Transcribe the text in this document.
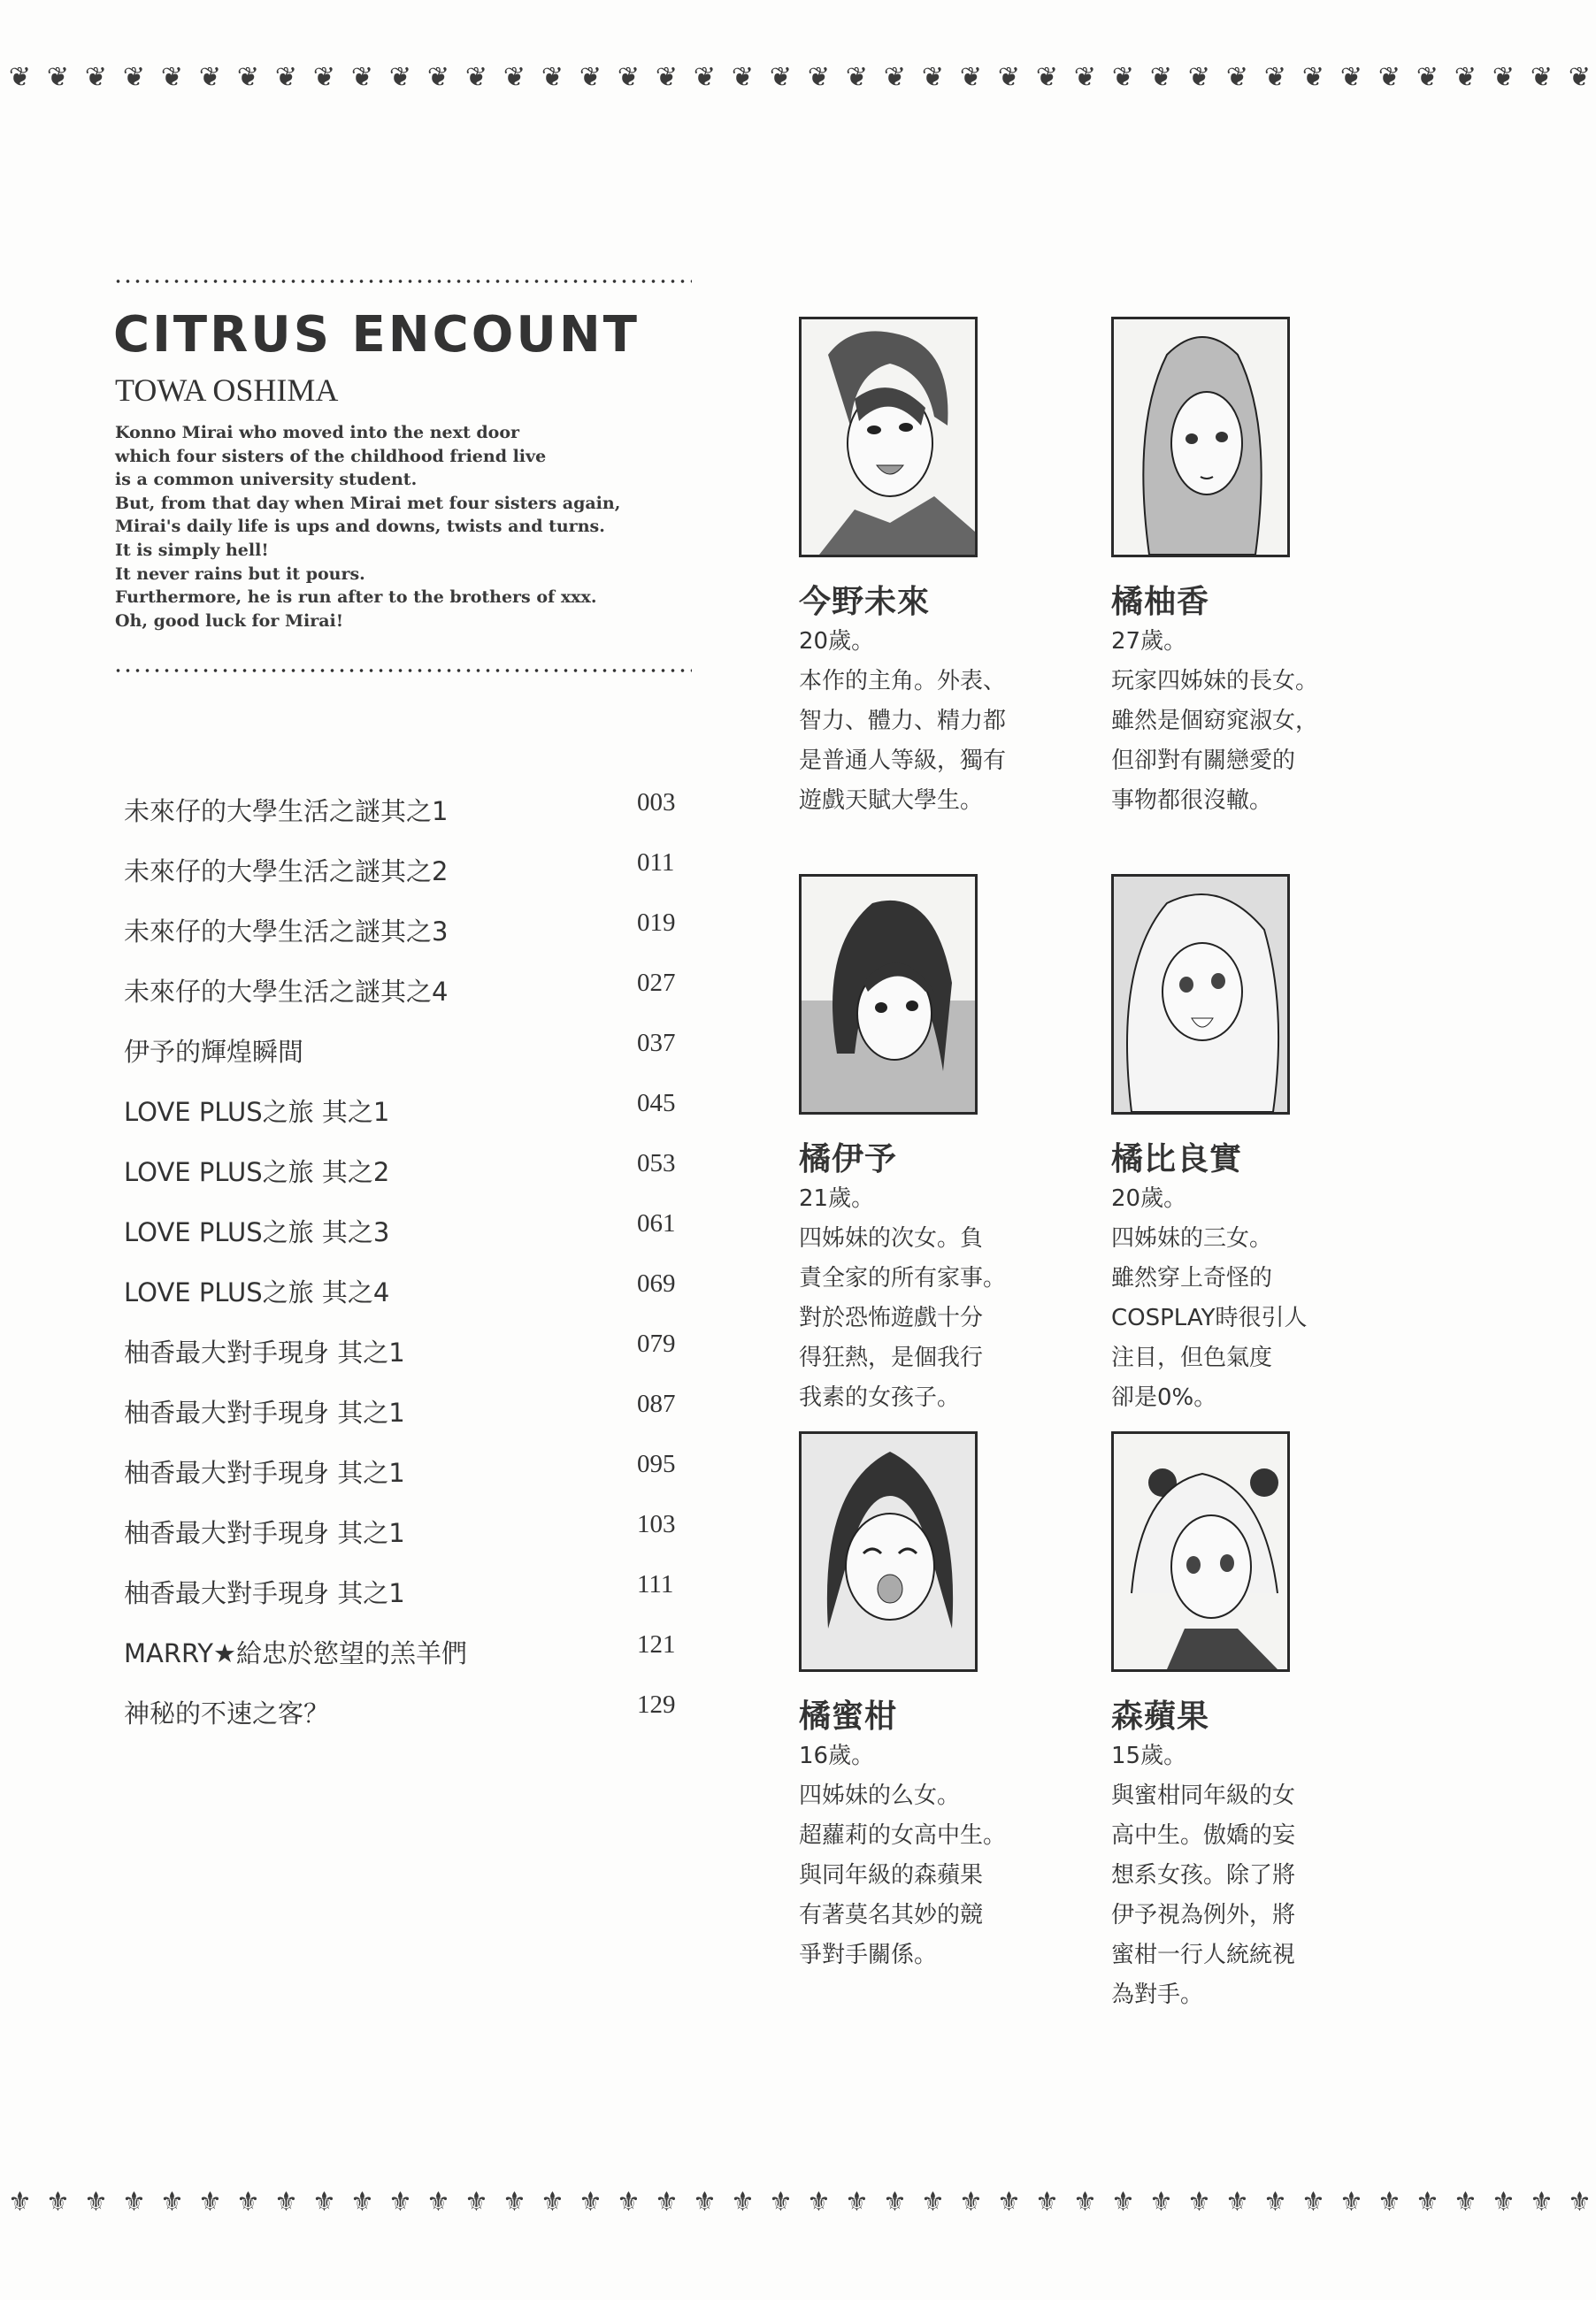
❦ ❦ ❦ ❦ ❦ ❦ ❦ ❦ ❦ ❦ ❦ ❦ ❦ ❦ ❦ ❦ ❦ ❦ ❦ ❦ ❦ ❦ ❦ ❦ ❦ ❦ ❦ ❦ ❦ ❦ ❦ ❦ ❦ ❦ ❦ ❦ ❦ ❦ ❦ ❦ ❦ ❦
⚜ ⚜ ⚜ ⚜ ⚜ ⚜ ⚜ ⚜ ⚜ ⚜ ⚜ ⚜ ⚜ ⚜ ⚜ ⚜ ⚜ ⚜ ⚜ ⚜ ⚜ ⚜ ⚜ ⚜ ⚜ ⚜ ⚜ ⚜ ⚜ ⚜ ⚜ ⚜ ⚜ ⚜ ⚜ ⚜ ⚜ ⚜ ⚜ ⚜ ⚜ ⚜
CITRUS ENCOUNT
TOWA OSHIMA
Konno Mirai who moved into the next door
which four sisters of the childhood friend live
is a common university student.
But, from that day when Mirai met four sisters again,
Mirai's daily life is ups and downs, twists and turns.
It is simply hell!
It never rains but it pours.
Furthermore, he is run after to the brothers of xxx.
Oh, good luck for Mirai!
未來仔的大學生活之謎其之1	003
未來仔的大學生活之謎其之2	011
未來仔的大學生活之謎其之3	019
未來仔的大學生活之謎其之4	027
伊予的輝煌瞬間	037
LOVE PLUS之旅 其之1	045
LOVE PLUS之旅 其之2	053
LOVE PLUS之旅 其之3	061
LOVE PLUS之旅 其之4	069
柚香最大對手現身 其之1	079
柚香最大對手現身 其之1	087
柚香最大對手現身 其之1	095
柚香最大對手現身 其之1	103
柚香最大對手現身 其之1	111
MARRY★給忠於慾望的羔羊們	121
神秘的不速之客？	129
今野未來
20歲。
本作的主角。外表、
智力、體力、精力都
是普通人等級，獨有
遊戲天賦大學生。
橘柚香
27歲。
玩家四姊妹的長女。
雖然是個窈窕淑女，
但卻對有關戀愛的
事物都很沒轍。
橘伊予
21歲。
四姊妹的次女。負
責全家的所有家事。
對於恐怖遊戲十分
得狂熱，是個我行
我素的女孩子。
橘比良實
20歲。
四姊妹的三女。
雖然穿上奇怪的
COSPLAY時很引人
注目，但色氣度
卻是0%。
橘蜜柑
16歲。
四姊妹的么女。
超蘿莉的女高中生。
與同年級的森蘋果
有著莫名其妙的競
爭對手關係。
森蘋果
15歲。
與蜜柑同年級的女
高中生。傲嬌的妄
想系女孩。除了將
伊予視為例外，將
蜜柑一行人統統視
為對手。
